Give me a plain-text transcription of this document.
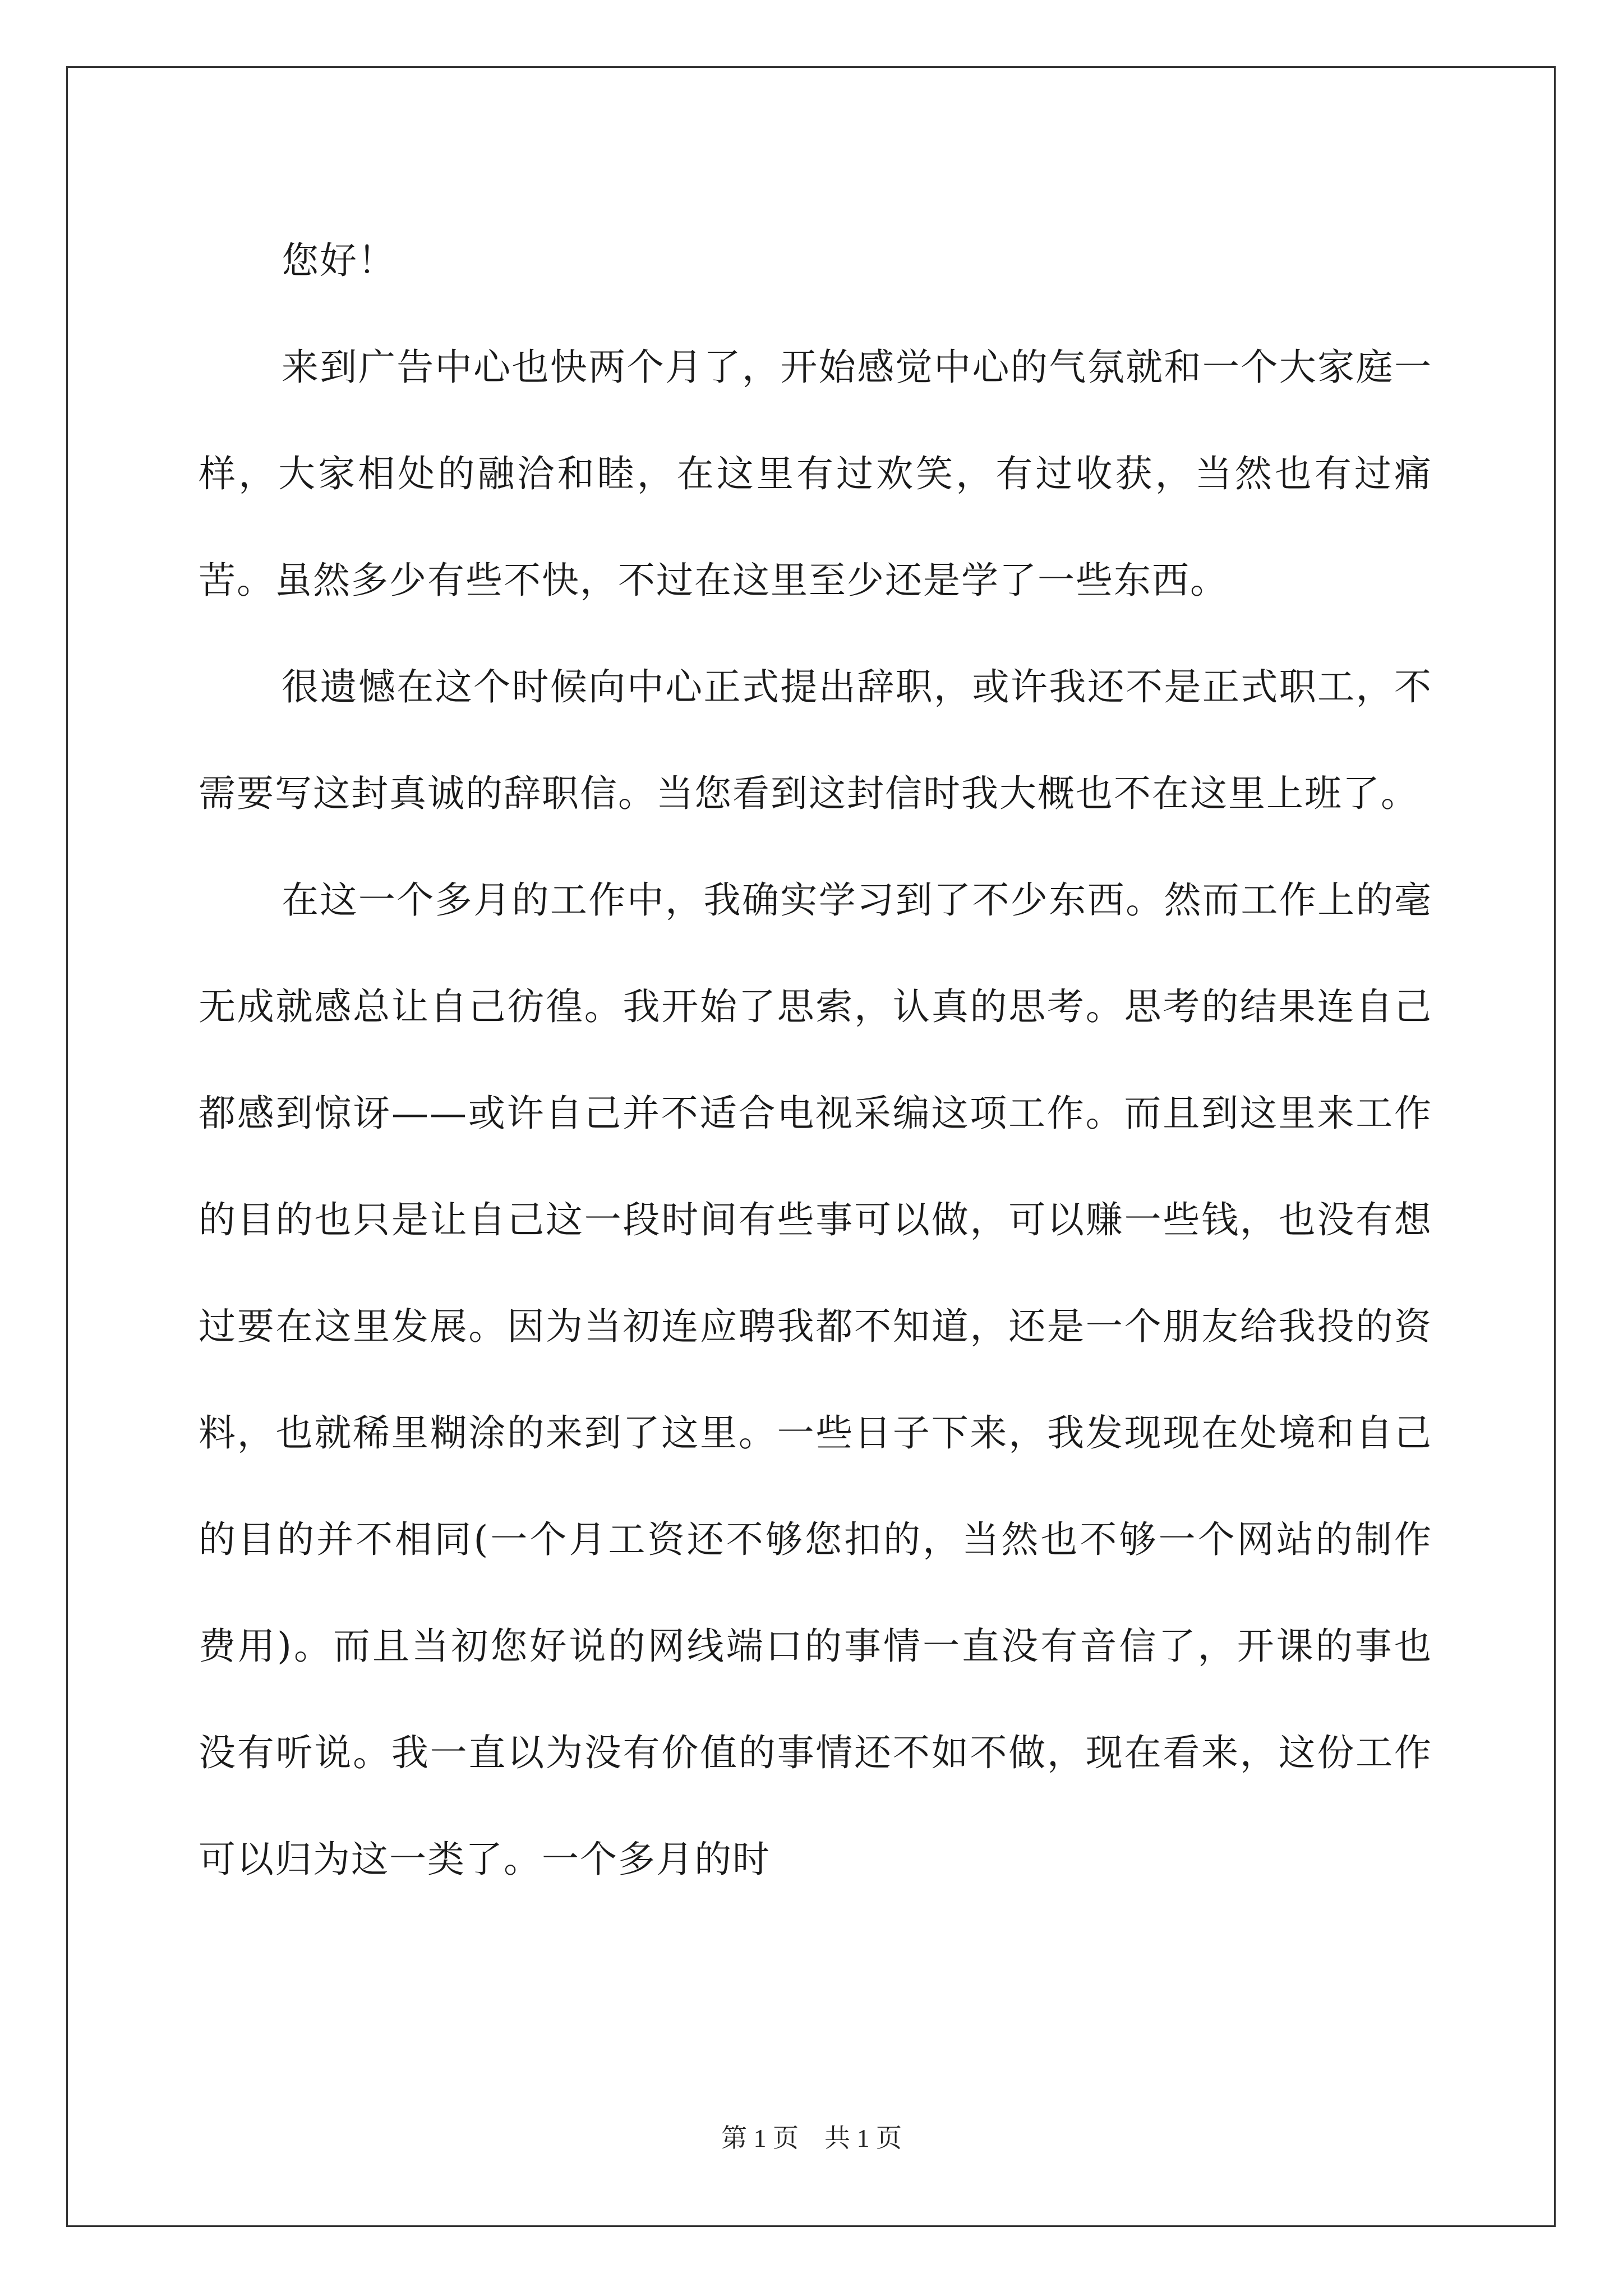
您好！

来到广告中心也快两个月了，开始感觉中心的气氛就和一个大家庭一样，大家相处的融洽和睦，在这里有过欢笑，有过收获，当然也有过痛苦。虽然多少有些不快，不过在这里至少还是学了一些东西。

很遗憾在这个时候向中心正式提出辞职，或许我还不是正式职工，不需要写这封真诚的辞职信。当您看到这封信时我大概也不在这里上班了。

在这一个多月的工作中，我确实学习到了不少东西。然而工作上的毫无成就感总让自己彷徨。我开始了思索，认真的思考。思考的结果连自己都感到惊讶——或许自己并不适合电视采编这项工作。而且到这里来工作的目的也只是让自己这一段时间有些事可以做，可以赚一些钱，也没有想过要在这里发展。因为当初连应聘我都不知道，还是一个朋友给我投的资料，也就稀里糊涂的来到了这里。一些日子下来，我发现现在处境和自己的目的并不相同(一个月工资还不够您扣的，当然也不够一个网站的制作费用)。而且当初您好说的网线端口的事情一直没有音信了，开课的事也没有听说。我一直以为没有价值的事情还不如不做，现在看来，这份工作可以归为这一类了。一个多月的时

第 1 页　共 1 页
